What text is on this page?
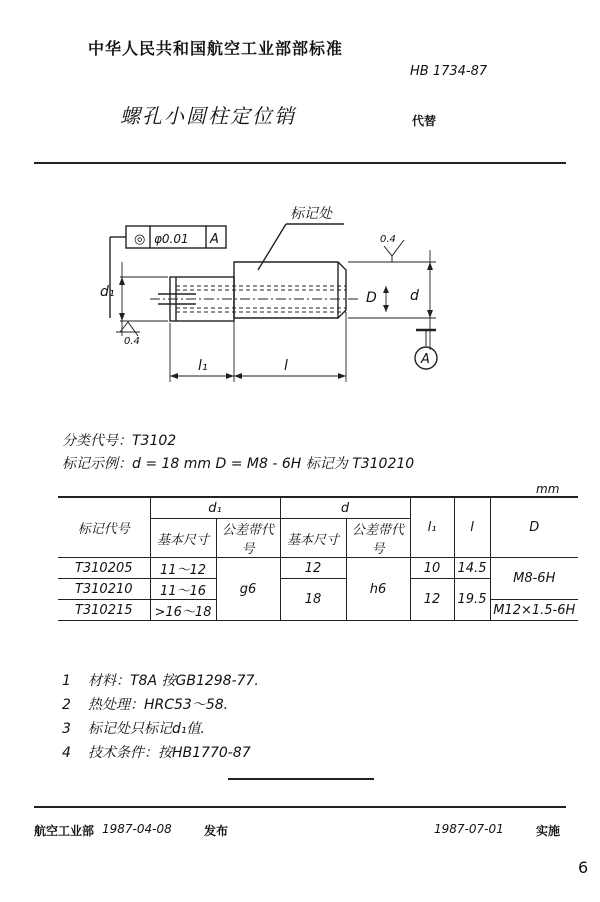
中华人民共和国航空工业部部标准
HB 1734-87
螺孔小圆柱定位销	代替
◎ φ0.01 A
标记处
0.4
0.4
d₁	D d
l₁	l	A
分类代号：T3102
标记示例：d = 18 mm D = M8 - 6H 标记为 T310210
mm
标记代号	d₁		d		l₁	l	D
	基本尺寸	公差带代号	基本尺寸	公差带代号			
T310205	11～12	g6	12	h6	10	14.5	M8-6H
T310210	11～16		18		12	19.5	
T310215	>16～18						M12×1.5-6H
1 材料：T8A 按GB1298-77.
2 热处理：HRC53～58.
3 标记处只标记d₁值.
4 技术条件：按HB1770-87
航空工业部 1987-04-08	发布	1987-07-01	实施
6
